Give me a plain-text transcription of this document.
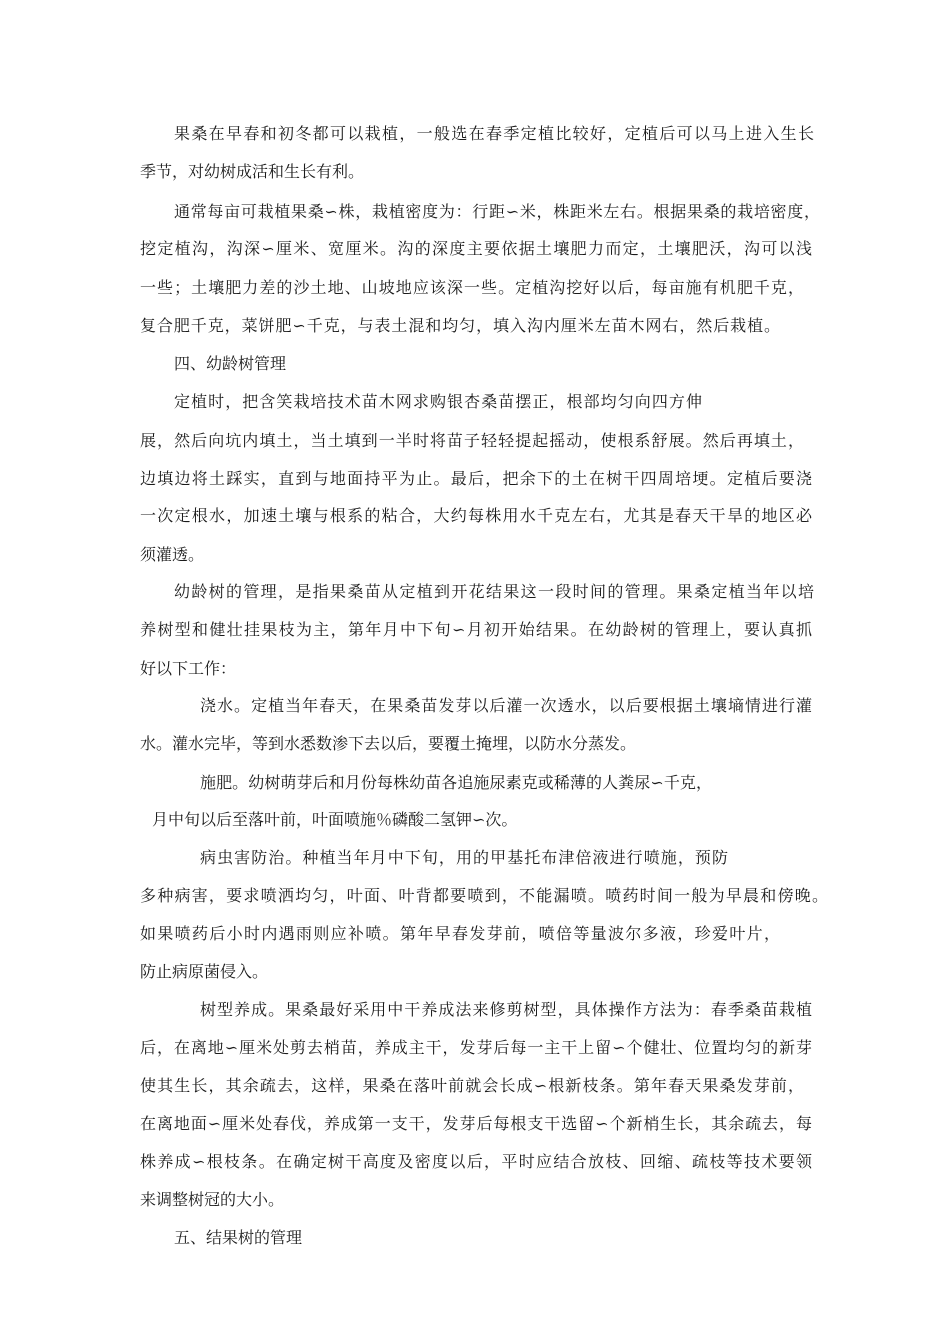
果桑在早春和初冬都可以栽植，一般选在春季定植比较好，定植后可以马上进入生长
季节，对幼树成活和生长有利。
通常每亩可栽植果桑∽株，栽植密度为：行距∽米，株距米左右。根据果桑的栽培密度，
挖定植沟，沟深∽厘米、宽厘米。沟的深度主要依据土壤肥力而定，土壤肥沃，沟可以浅
一些；土壤肥力差的沙土地、山坡地应该深一些。定植沟挖好以后，每亩施有机肥千克，
复合肥千克，菜饼肥∽千克，与表土混和均匀，填入沟内厘米左苗木网右，然后栽植。
四、幼龄树管理
定植时，把含笑栽培技术苗木网求购银杏桑苗摆正，根部均匀向四方伸
展，然后向坑内填土，当土填到一半时将苗子轻轻提起摇动，使根系舒展。然后再填土，
边填边将土踩实，直到与地面持平为止。最后，把余下的土在树干四周培埂。定植后要浇
一次定根水，加速土壤与根系的粘合，大约每株用水千克左右，尤其是春天干旱的地区必
须灌透。
幼龄树的管理，是指果桑苗从定植到开花结果这一段时间的管理。果桑定植当年以培
养树型和健壮挂果枝为主，第年月中下旬∽月初开始结果。在幼龄树的管理上，要认真抓
好以下工作：
浇水。定植当年春天，在果桑苗发芽以后灌一次透水，以后要根据土壤墒情进行灌
水。灌水完毕，等到水悉数渗下去以后，要覆土掩埋，以防水分蒸发。
施肥。幼树萌芽后和月份每株幼苗各追施尿素克或稀薄的人粪尿∽千克，
月中旬以后至落叶前，叶面喷施％磷酸二氢钾∽次。
病虫害防治。种植当年月中下旬，用的甲基托布津倍液进行喷施，预防
多种病害，要求喷洒均匀，叶面、叶背都要喷到，不能漏喷。喷药时间一般为早晨和傍晚。
如果喷药后小时内遇雨则应补喷。第年早春发芽前，喷倍等量波尔多液，珍爱叶片，
防止病原菌侵入。
树型养成。果桑最好采用中干养成法来修剪树型，具体操作方法为：春季桑苗栽植
后，在离地∽厘米处剪去梢苗，养成主干，发芽后每一主干上留∽个健壮、位置均匀的新芽
使其生长，其余疏去，这样，果桑在落叶前就会长成∽根新枝条。第年春天果桑发芽前，
在离地面∽厘米处春伐，养成第一支干，发芽后每根支干选留∽个新梢生长，其余疏去，每
株养成∽根枝条。在确定树干高度及密度以后，平时应结合放枝、回缩、疏枝等技术要领
来调整树冠的大小。
五、结果树的管理
